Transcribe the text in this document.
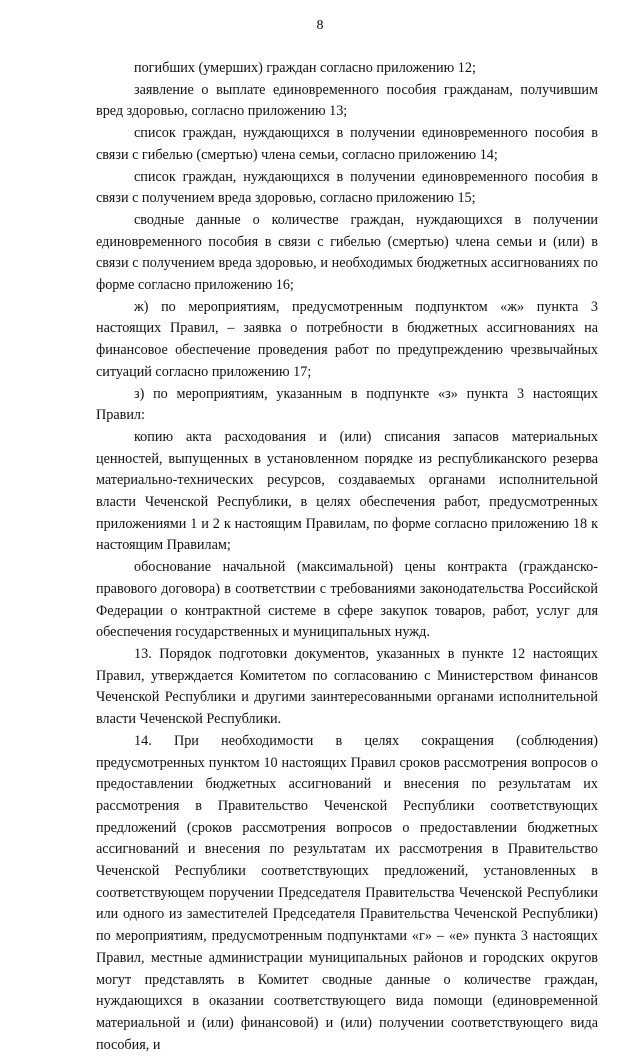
8

погибших (умерших) граждан согласно приложению 12;

заявление о выплате единовременного пособия гражданам, получившим вред здоровью, согласно приложению 13;

список граждан, нуждающихся в получении единовременного пособия в связи с гибелью (смертью) члена семьи, согласно приложению 14;

список граждан, нуждающихся в получении единовременного пособия в связи с получением вреда здоровью, согласно приложению 15;

сводные данные о количестве граждан, нуждающихся в получении единовременного пособия в связи с гибелью (смертью) члена семьи и (или) в связи с получением вреда здоровью, и необходимых бюджетных ассигнованиях по форме согласно приложению 16;

ж) по мероприятиям, предусмотренным подпунктом «ж» пункта 3 настоящих Правил, – заявка о потребности в бюджетных ассигнованиях на финансовое обеспечение проведения работ по предупреждению чрезвычайных ситуаций согласно приложению 17;

з) по мероприятиям, указанным в подпункте «з» пункта 3 настоящих Правил:

копию акта расходования и (или) списания запасов материальных ценностей, выпущенных в установленном порядке из республиканского резерва материально-технических ресурсов, создаваемых органами исполнительной власти Чеченской Республики, в целях обеспечения работ, предусмотренных приложениями 1 и 2 к настоящим Правилам, по форме согласно приложению 18 к настоящим Правилам;

обоснование начальной (максимальной) цены контракта (гражданско-правового договора) в соответствии с требованиями законодательства Российской Федерации о контрактной системе в сфере закупок товаров, работ, услуг для обеспечения государственных и муниципальных нужд.

13. Порядок подготовки документов, указанных в пункте 12 настоящих Правил, утверждается Комитетом по согласованию с Министерством финансов Чеченской Республики и другими заинтересованными органами исполнительной власти Чеченской Республики.

14. При необходимости в целях сокращения (соблюдения) предусмотренных пунктом 10 настоящих Правил сроков рассмотрения вопросов о предоставлении бюджетных ассигнований и внесения по результатам их рассмотрения в Правительство Чеченской Республики соответствующих предложений (сроков рассмотрения вопросов о предоставлении бюджетных ассигнований и внесения по результатам их рассмотрения в Правительство Чеченской Республики соответствующих предложений, установленных в соответствующем поручении Председателя Правительства Чеченской Республики или одного из заместителей Председателя Правительства Чеченской Республики) по мероприятиям, предусмотренным подпунктами «г» – «е» пункта 3 настоящих Правил, местные администрации муниципальных районов и городских округов могут представлять в Комитет сводные данные о количестве граждан, нуждающихся в оказании соответствующего вида помощи (единовременной материальной и (или) финансовой) и (или) получении соответствующего вида пособия, и
